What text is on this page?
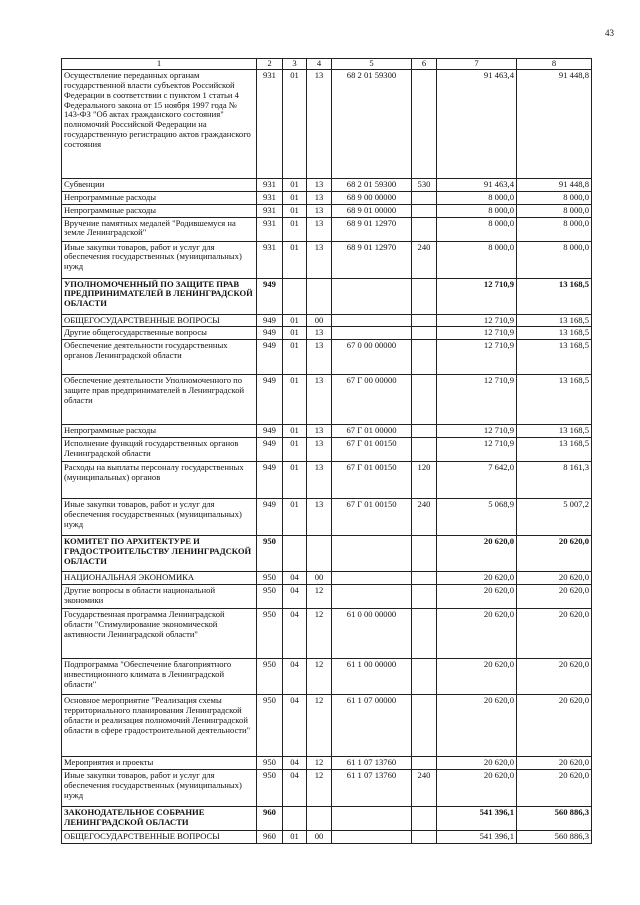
43
1	2	3	4	5	6	7	8
Осуществление переданных органам государственной власти субъектов Российской Федерации в соответствии с пунктом 1 статьи 4 Федерального закона от 15 ноября 1997 года № 143-ФЗ "Об актах гражданского состояния" полномочий Российской Федерации на государственную регистрацию актов гражданского состояния	931	01	13	68 2 01 59300		91 463,4	91 448,8
Субвенции	931	01	13	68 2 01 59300	530	91 463,4	91 448,8
Непрограммные расходы	931	01	13	68 9 00 00000		8 000,0	8 000,0
Непрограммные расходы	931	01	13	68 9 01 00000		8 000,0	8 000,0
Вручение памятных медалей "Родившемуся на земле Ленинградской"	931	01	13	68 9 01 12970		8 000,0	8 000,0
Иные закупки товаров, работ и услуг для обеспечения государственных (муниципальных) нужд	931	01	13	68 9 01 12970	240	8 000,0	8 000,0
УПОЛНОМОЧЕННЫЙ ПО ЗАЩИТЕ ПРАВ ПРЕДПРИНИМАТЕЛЕЙ В ЛЕНИНГРАДСКОЙ ОБЛАСТИ	949					12 710,9	13 168,5
ОБЩЕГОСУДАРСТВЕННЫЕ ВОПРОСЫ	949	01	00			12 710,9	13 168,5
Другие общегосударственные вопросы	949	01	13			12 710,9	13 168,5
Обеспечение деятельности государственных органов Ленинградской области	949	01	13	67 0 00 00000		12 710,9	13 168,5
Обеспечение деятельности Уполномоченного по защите прав предпринимателей в Ленинградской области	949	01	13	67 Г 00 00000		12 710,9	13 168,5
Непрограммные расходы	949	01	13	67 Г 01 00000		12 710,9	13 168,5
Исполнение функций государственных органов Ленинградской области	949	01	13	67 Г 01 00150		12 710,9	13 168,5
Расходы на выплаты персоналу государственных (муниципальных) органов	949	01	13	67 Г 01 00150	120	7 642,0	8 161,3
Иные закупки товаров, работ и услуг для обеспечения государственных (муниципальных) нужд	949	01	13	67 Г 01 00150	240	5 068,9	5 007,2
КОМИТЕТ ПО АРХИТЕКТУРЕ И ГРАДОСТРОИТЕЛЬСТВУ ЛЕНИНГРАДСКОЙ ОБЛАСТИ	950					20 620,0	20 620,0
НАЦИОНАЛЬНАЯ ЭКОНОМИКА	950	04	00			20 620,0	20 620,0
Другие вопросы в области национальной экономики	950	04	12			20 620,0	20 620,0
Государственная программа Ленинградской области "Стимулирование экономической активности Ленинградской области"	950	04	12	61 0 00 00000		20 620,0	20 620,0
Подпрограмма "Обеспечение благоприятного инвестиционного климата в Ленинградской области"	950	04	12	61 1 00 00000		20 620,0	20 620,0
Основное мероприятие "Реализация схемы территориального планирования Ленинградской области и реализация полномочий Ленинградской области в сфере градостроительной деятельности"	950	04	12	61 1 07 00000		20 620,0	20 620,0
Мероприятия и проекты	950	04	12	61 1 07 13760		20 620,0	20 620,0
Иные закупки товаров, работ и услуг для обеспечения государственных (муниципальных) нужд	950	04	12	61 1 07 13760	240	20 620,0	20 620,0
ЗАКОНОДАТЕЛЬНОЕ СОБРАНИЕ ЛЕНИНГРАДСКОЙ ОБЛАСТИ	960					541 396,1	560 886,3
ОБЩЕГОСУДАРСТВЕННЫЕ ВОПРОСЫ	960	01	00			541 396,1	560 886,3
